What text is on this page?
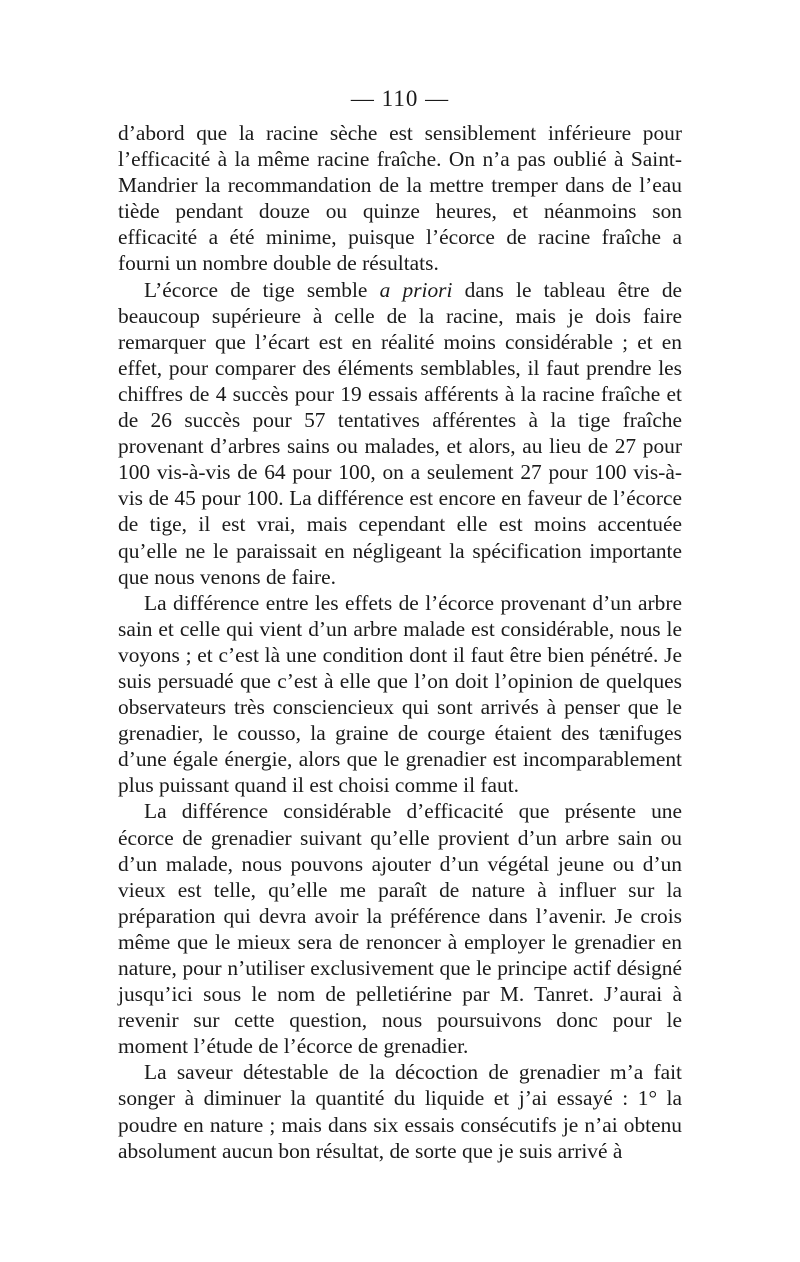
— 110 —

d’abord que la racine sèche est sensiblement inférieure pour l’efficacité à la même racine fraîche. On n’a pas oublié à Saint-Mandrier la recommandation de la mettre tremper dans de l’eau tiède pendant douze ou quinze heures, et néanmoins son efficacité a été minime, puisque l’écorce de racine fraîche a fourni un nombre double de résultats.

L’écorce de tige semble a priori dans le tableau être de beaucoup supérieure à celle de la racine, mais je dois faire remarquer que l’écart est en réalité moins considérable ; et en effet, pour comparer des éléments semblables, il faut prendre les chiffres de 4 succès pour 19 essais afférents à la racine fraîche et de 26 succès pour 57 tentatives afférentes à la tige fraîche provenant d’arbres sains ou malades, et alors, au lieu de 27 pour 100 vis-à-vis de 64 pour 100, on a seulement 27 pour 100 vis-à-vis de 45 pour 100. La différence est encore en faveur de l’écorce de tige, il est vrai, mais cependant elle est moins accentuée qu’elle ne le paraissait en négligeant la spécification importante que nous venons de faire.

La différence entre les effets de l’écorce provenant d’un arbre sain et celle qui vient d’un arbre malade est considérable, nous le voyons ; et c’est là une condition dont il faut être bien pénétré. Je suis persuadé que c’est à elle que l’on doit l’opinion de quelques observateurs très consciencieux qui sont arrivés à penser que le grenadier, le cousso, la graine de courge étaient des tænifuges d’une égale énergie, alors que le grenadier est incomparablement plus puissant quand il est choisi comme il faut.

La différence considérable d’efficacité que présente une écorce de grenadier suivant qu’elle provient d’un arbre sain ou d’un malade, nous pouvons ajouter d’un végétal jeune ou d’un vieux est telle, qu’elle me paraît de nature à influer sur la préparation qui devra avoir la préférence dans l’avenir. Je crois même que le mieux sera de renoncer à employer le grenadier en nature, pour n’utiliser exclusivement que le principe actif désigné jusqu’ici sous le nom de pelletiérine par M. Tanret. J’aurai à revenir sur cette question, nous poursuivons donc pour le moment l’étude de l’écorce de grenadier.

La saveur détestable de la décoction de grenadier m’a fait songer à diminuer la quantité du liquide et j’ai essayé : 1° la poudre en nature ; mais dans six essais consécutifs je n’ai obtenu absolument aucun bon résultat, de sorte que je suis arrivé à
